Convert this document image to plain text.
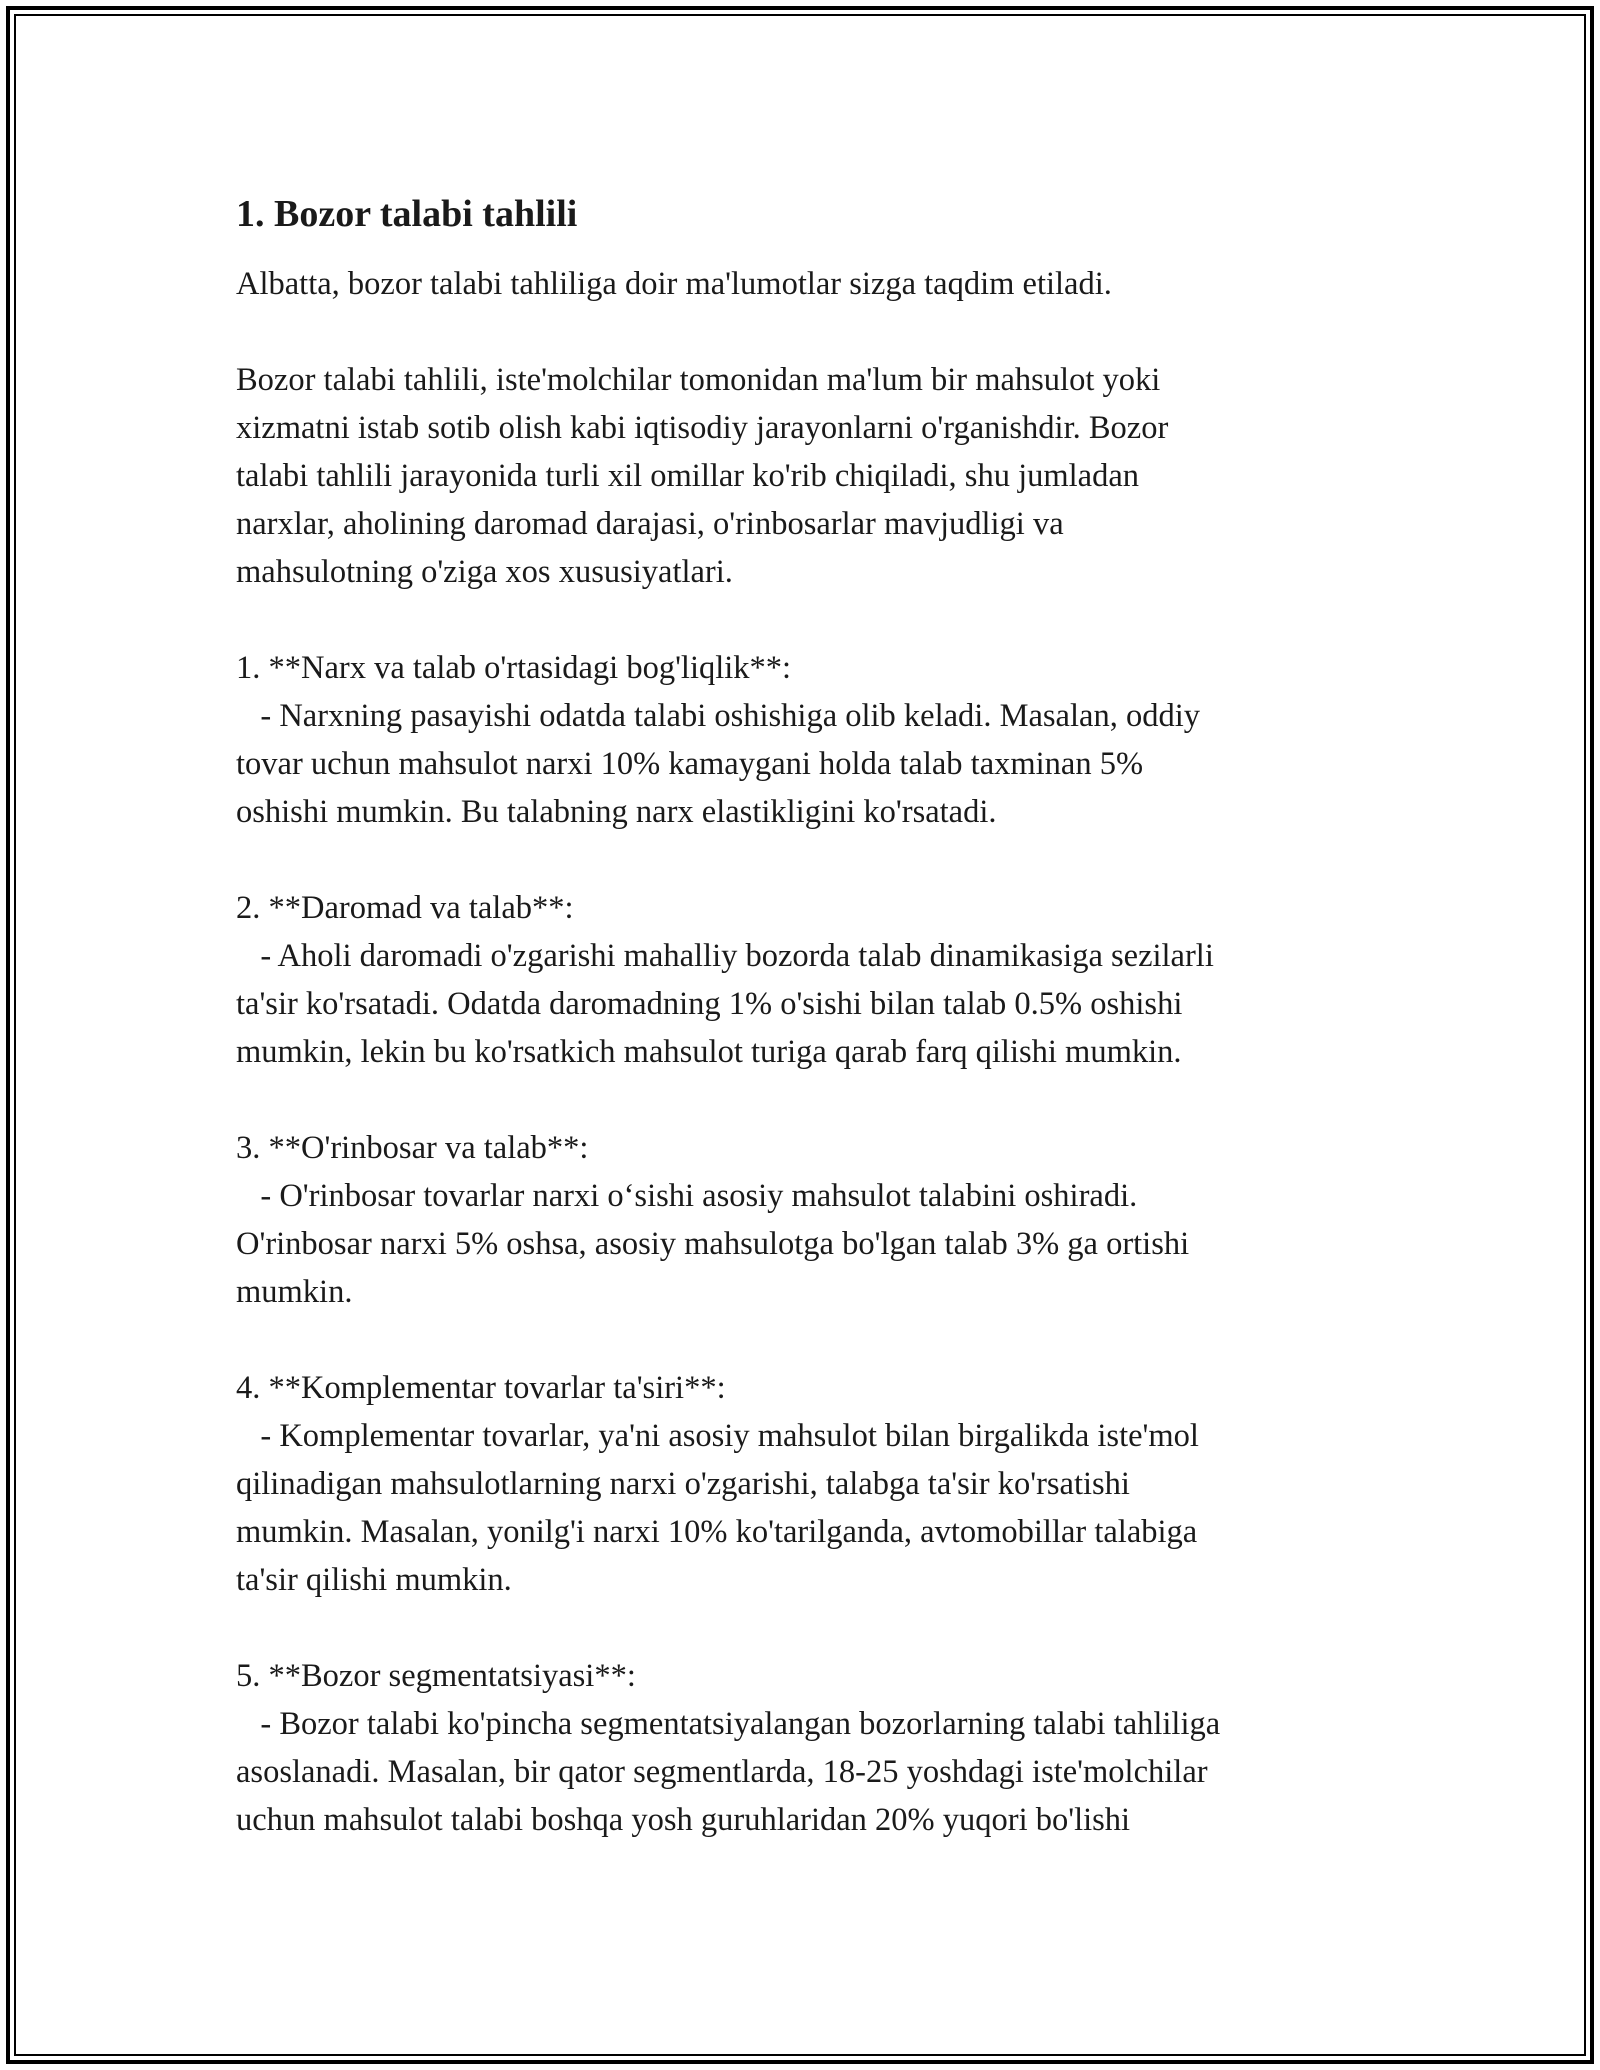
1. Bozor talabi tahlili
Albatta, bozor talabi tahliliga doir ma'lumotlar sizga taqdim etiladi.
Bozor talabi tahlili, iste'molchilar tomonidan ma'lum bir mahsulot yoki
xizmatni istab sotib olish kabi iqtisodiy jarayonlarni o'rganishdir. Bozor
talabi tahlili jarayonida turli xil omillar ko'rib chiqiladi, shu jumladan
narxlar, aholining daromad darajasi, o'rinbosarlar mavjudligi va
mahsulotning o'ziga xos xususiyatlari.
1. **Narx va talab o'rtasidagi bog'liqlik**:
- Narxning pasayishi odatda talabi oshishiga olib keladi. Masalan, oddiy
tovar uchun mahsulot narxi 10% kamaygani holda talab taxminan 5%
oshishi mumkin. Bu talabning narx elastikligini ko'rsatadi.
2. **Daromad va talab**:
- Aholi daromadi o'zgarishi mahalliy bozorda talab dinamikasiga sezilarli
ta'sir ko'rsatadi. Odatda daromadning 1% o'sishi bilan talab 0.5% oshishi
mumkin, lekin bu ko'rsatkich mahsulot turiga qarab farq qilishi mumkin.
3. **O'rinbosar va talab**:
- O'rinbosar tovarlar narxi o‘sishi asosiy mahsulot talabini oshiradi.
O'rinbosar narxi 5% oshsa, asosiy mahsulotga bo'lgan talab 3% ga ortishi
mumkin.
4. **Komplementar tovarlar ta'siri**:
- Komplementar tovarlar, ya'ni asosiy mahsulot bilan birgalikda iste'mol
qilinadigan mahsulotlarning narxi o'zgarishi, talabga ta'sir ko'rsatishi
mumkin. Masalan, yonilg'i narxi 10% ko'tarilganda, avtomobillar talabiga
ta'sir qilishi mumkin.
5. **Bozor segmentatsiyasi**:
- Bozor talabi ko'pincha segmentatsiyalangan bozorlarning talabi tahliliga
asoslanadi. Masalan, bir qator segmentlarda, 18-25 yoshdagi iste'molchilar
uchun mahsulot talabi boshqa yosh guruhlaridan 20% yuqori bo'lishi
